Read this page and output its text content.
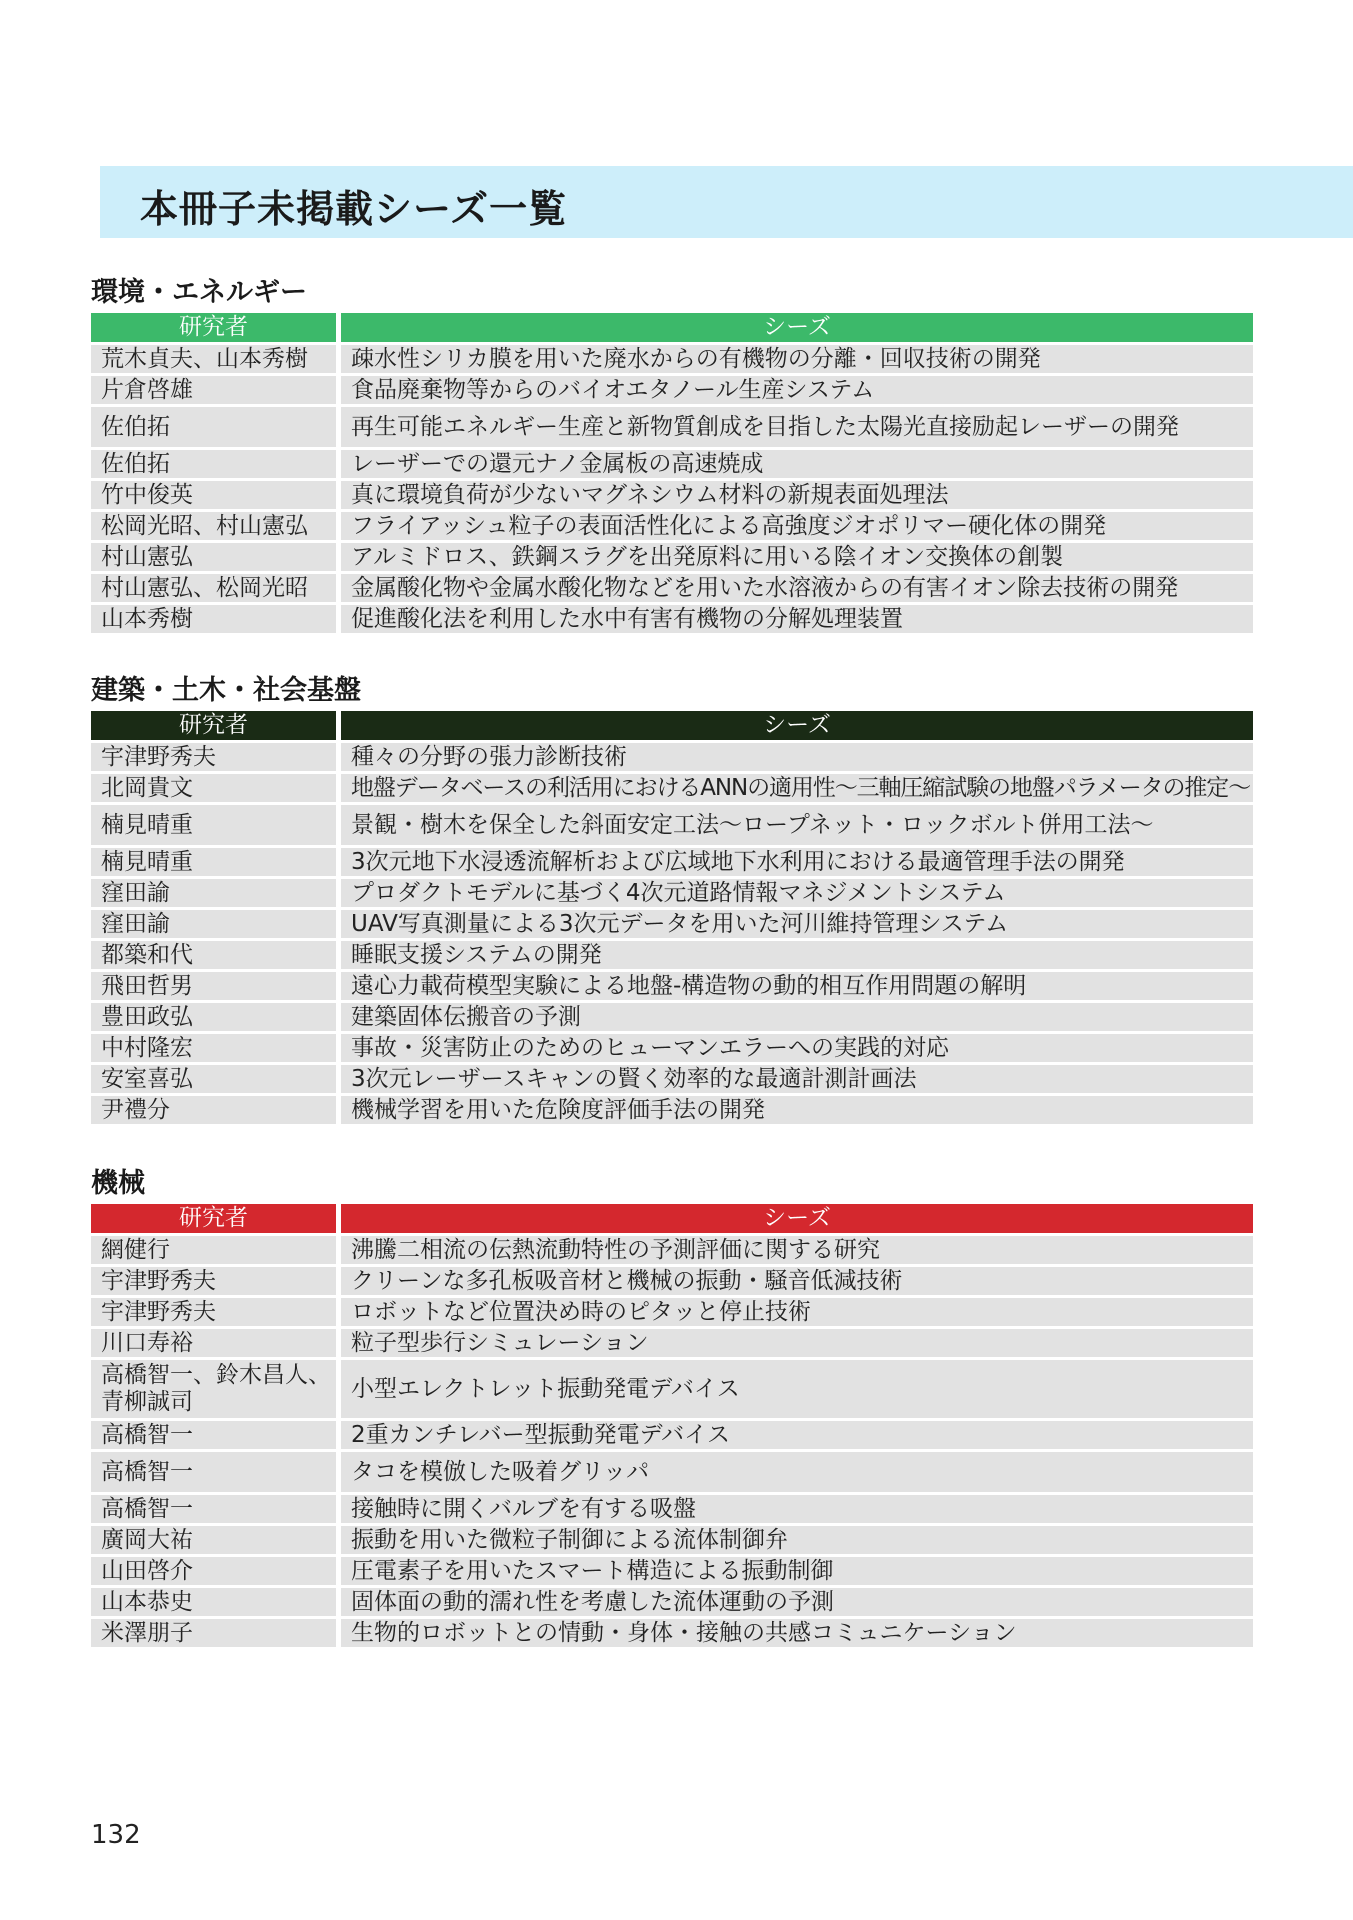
本冊子未掲載シーズ一覧
環境・エネルギー
研究者	シーズ
荒木貞夫、山本秀樹	疎水性シリカ膜を用いた廃水からの有機物の分離・回収技術の開発
片倉啓雄	食品廃棄物等からのバイオエタノール生産システム
佐伯拓	再生可能エネルギー生産と新物質創成を目指した太陽光直接励起レーザーの開発
佐伯拓	レーザーでの還元ナノ金属板の高速焼成
竹中俊英	真に環境負荷が少ないマグネシウム材料の新規表面処理法
松岡光昭、村山憲弘	フライアッシュ粒子の表面活性化による高強度ジオポリマー硬化体の開発
村山憲弘	アルミドロス、鉄鋼スラグを出発原料に用いる陰イオン交換体の創製
村山憲弘、松岡光昭	金属酸化物や金属水酸化物などを用いた水溶液からの有害イオン除去技術の開発
山本秀樹	促進酸化法を利用した水中有害有機物の分解処理装置
建築・土木・社会基盤
研究者	シーズ
宇津野秀夫	種々の分野の張力診断技術
北岡貴文	地盤データベースの利活用におけるANNの適用性～三軸圧縮試験の地盤パラメータの推定～
楠見晴重	景観・樹木を保全した斜面安定工法～ロープネット・ロックボルト併用工法～
楠見晴重	3次元地下水浸透流解析および広域地下水利用における最適管理手法の開発
窪田諭	プロダクトモデルに基づく4次元道路情報マネジメントシステム
窪田諭	UAV写真測量による3次元データを用いた河川維持管理システム
都築和代	睡眠支援システムの開発
飛田哲男	遠心力載荷模型実験による地盤-構造物の動的相互作用問題の解明
豊田政弘	建築固体伝搬音の予測
中村隆宏	事故・災害防止のためのヒューマンエラーへの実践的対応
安室喜弘	3次元レーザースキャンの賢く効率的な最適計測計画法
尹禮分	機械学習を用いた危険度評価手法の開発
機械
研究者	シーズ
網健行	沸騰二相流の伝熱流動特性の予測評価に関する研究
宇津野秀夫	クリーンな多孔板吸音材と機械の振動・騒音低減技術
宇津野秀夫	ロボットなど位置決め時のピタッと停止技術
川口寿裕	粒子型歩行シミュレーション
高橋智一、鈴木昌人、青柳誠司	小型エレクトレット振動発電デバイス
高橋智一	2重カンチレバー型振動発電デバイス
高橋智一	タコを模倣した吸着グリッパ
高橋智一	接触時に開くバルブを有する吸盤
廣岡大祐	振動を用いた微粒子制御による流体制御弁
山田啓介	圧電素子を用いたスマート構造による振動制御
山本恭史	固体面の動的濡れ性を考慮した流体運動の予測
米澤朋子	生物的ロボットとの情動・身体・接触の共感コミュニケーション
132
